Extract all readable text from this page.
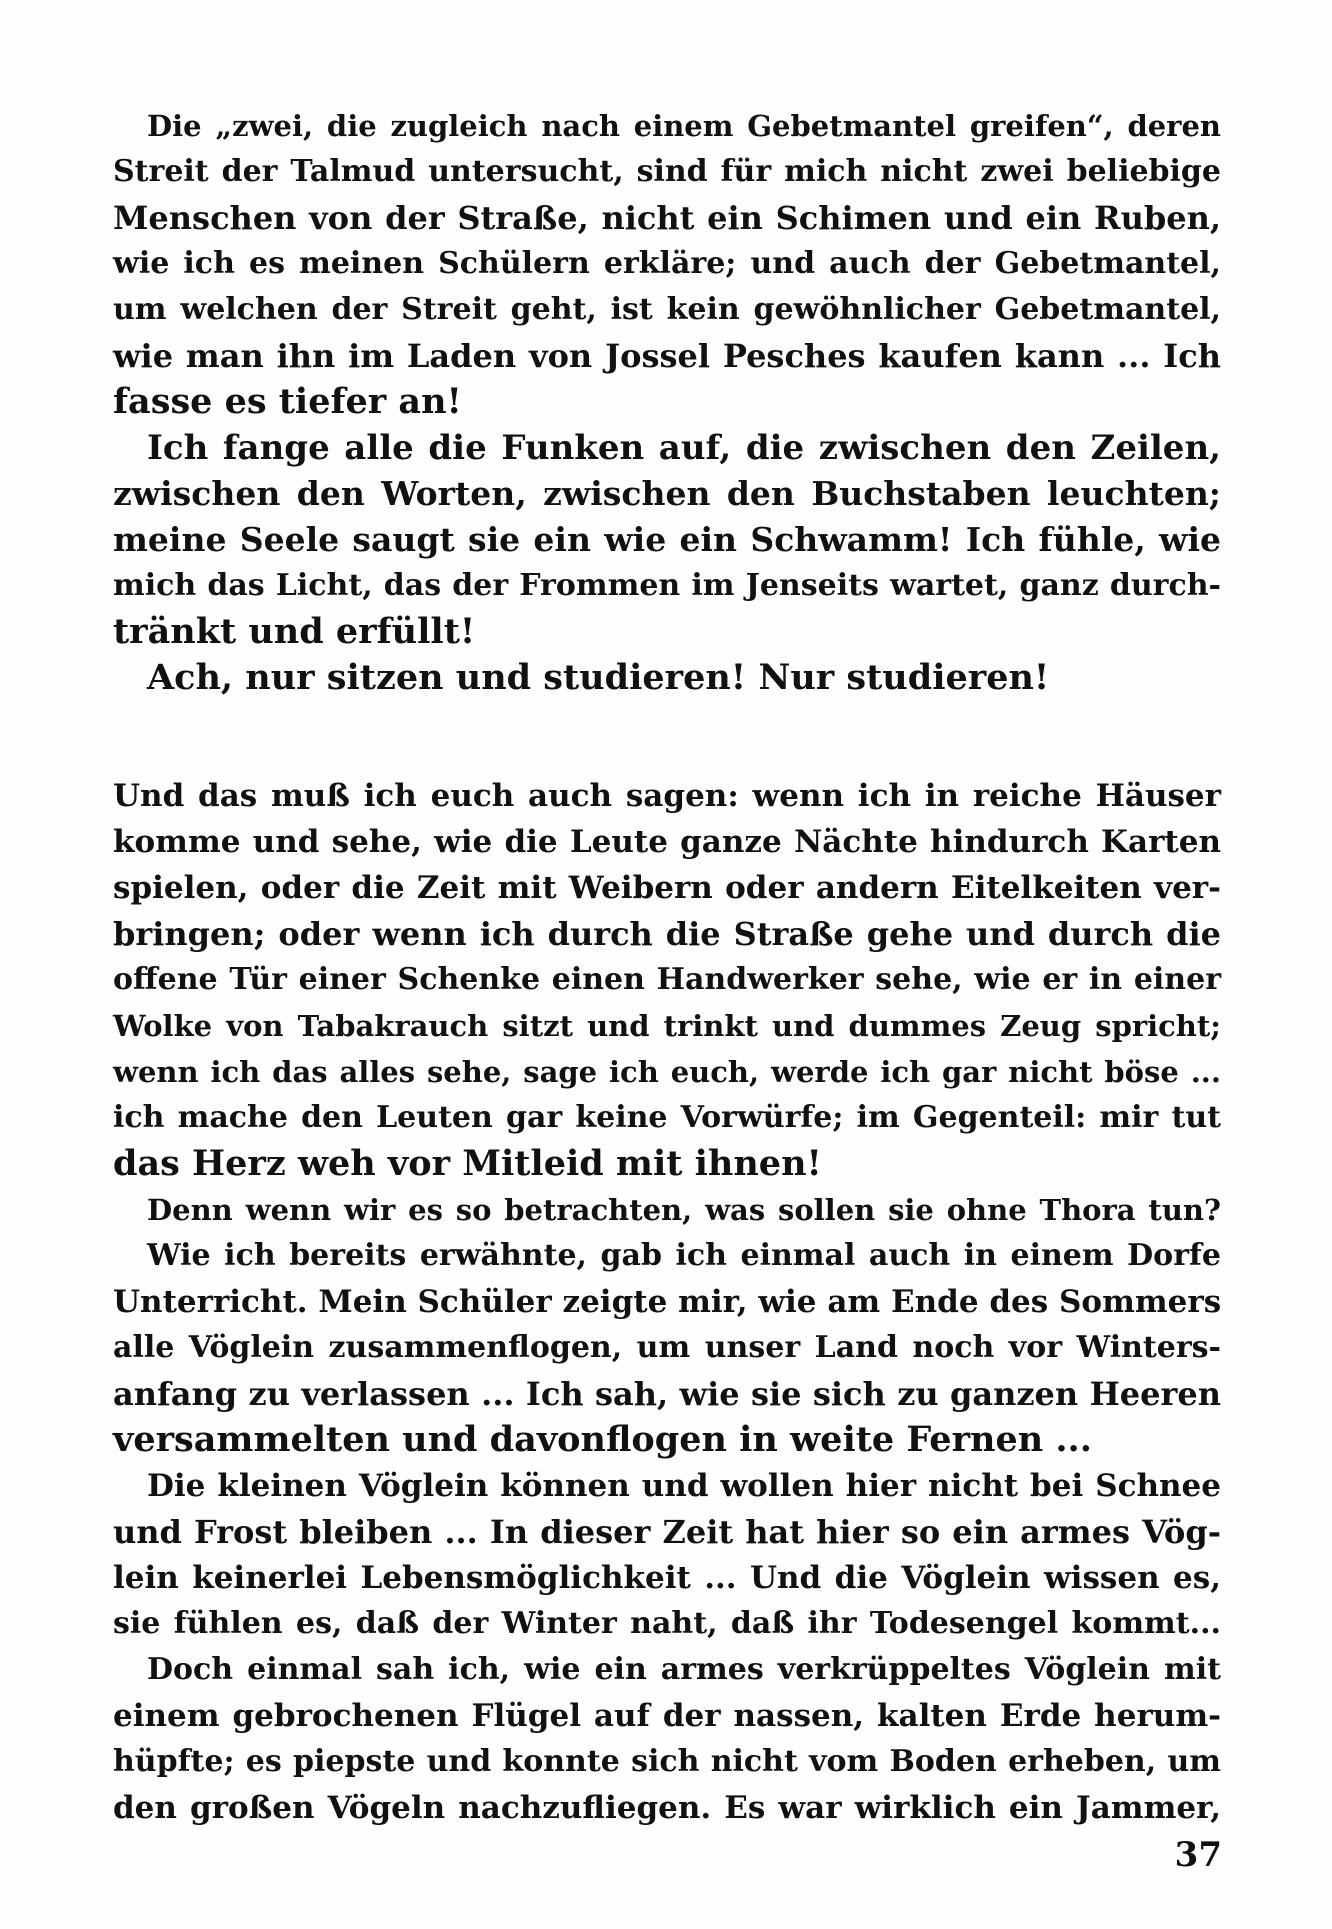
Die „zwei, die zugleich nach einem Gebetmantel greifen“, deren
Streit der Talmud untersucht, sind für mich nicht zwei beliebige
Menschen von der Straße, nicht ein Schimen und ein Ruben,
wie ich es meinen Schülern erkläre; und auch der Gebetmantel,
um welchen der Streit geht, ist kein gewöhnlicher Gebetmantel,
wie man ihn im Laden von Jossel Pesches kaufen kann ... Ich
fasse es tiefer an!
Ich fange alle die Funken auf, die zwischen den Zeilen,
zwischen den Worten, zwischen den Buchstaben leuchten;
meine Seele saugt sie ein wie ein Schwamm! Ich fühle, wie
mich das Licht, das der Frommen im Jenseits wartet, ganz durch-
tränkt und erfüllt!
Ach, nur sitzen und studieren! Nur studieren!
Und das muß ich euch auch sagen: wenn ich in reiche Häuser
komme und sehe, wie die Leute ganze Nächte hindurch Karten
spielen, oder die Zeit mit Weibern oder andern Eitelkeiten ver-
bringen; oder wenn ich durch die Straße gehe und durch die
offene Tür einer Schenke einen Handwerker sehe, wie er in einer
Wolke von Tabakrauch sitzt und trinkt und dummes Zeug spricht;
wenn ich das alles sehe, sage ich euch, werde ich gar nicht böse ...
ich mache den Leuten gar keine Vorwürfe; im Gegenteil: mir tut
das Herz weh vor Mitleid mit ihnen!
Denn wenn wir es so betrachten, was sollen sie ohne Thora tun?
Wie ich bereits erwähnte, gab ich einmal auch in einem Dorfe
Unterricht. Mein Schüler zeigte mir, wie am Ende des Sommers
alle Vöglein zusammenflogen, um unser Land noch vor Winters-
anfang zu verlassen ... Ich sah, wie sie sich zu ganzen Heeren
versammelten und davonflogen in weite Fernen ...
Die kleinen Vöglein können und wollen hier nicht bei Schnee
und Frost bleiben ... In dieser Zeit hat hier so ein armes Vög-
lein keinerlei Lebensmöglichkeit ... Und die Vöglein wissen es,
sie fühlen es, daß der Winter naht, daß ihr Todesengel kommt...
Doch einmal sah ich, wie ein armes verkrüppeltes Vöglein mit
einem gebrochenen Flügel auf der nassen, kalten Erde herum-
hüpfte; es piepste und konnte sich nicht vom Boden erheben, um
den großen Vögeln nachzufliegen. Es war wirklich ein Jammer,
37
